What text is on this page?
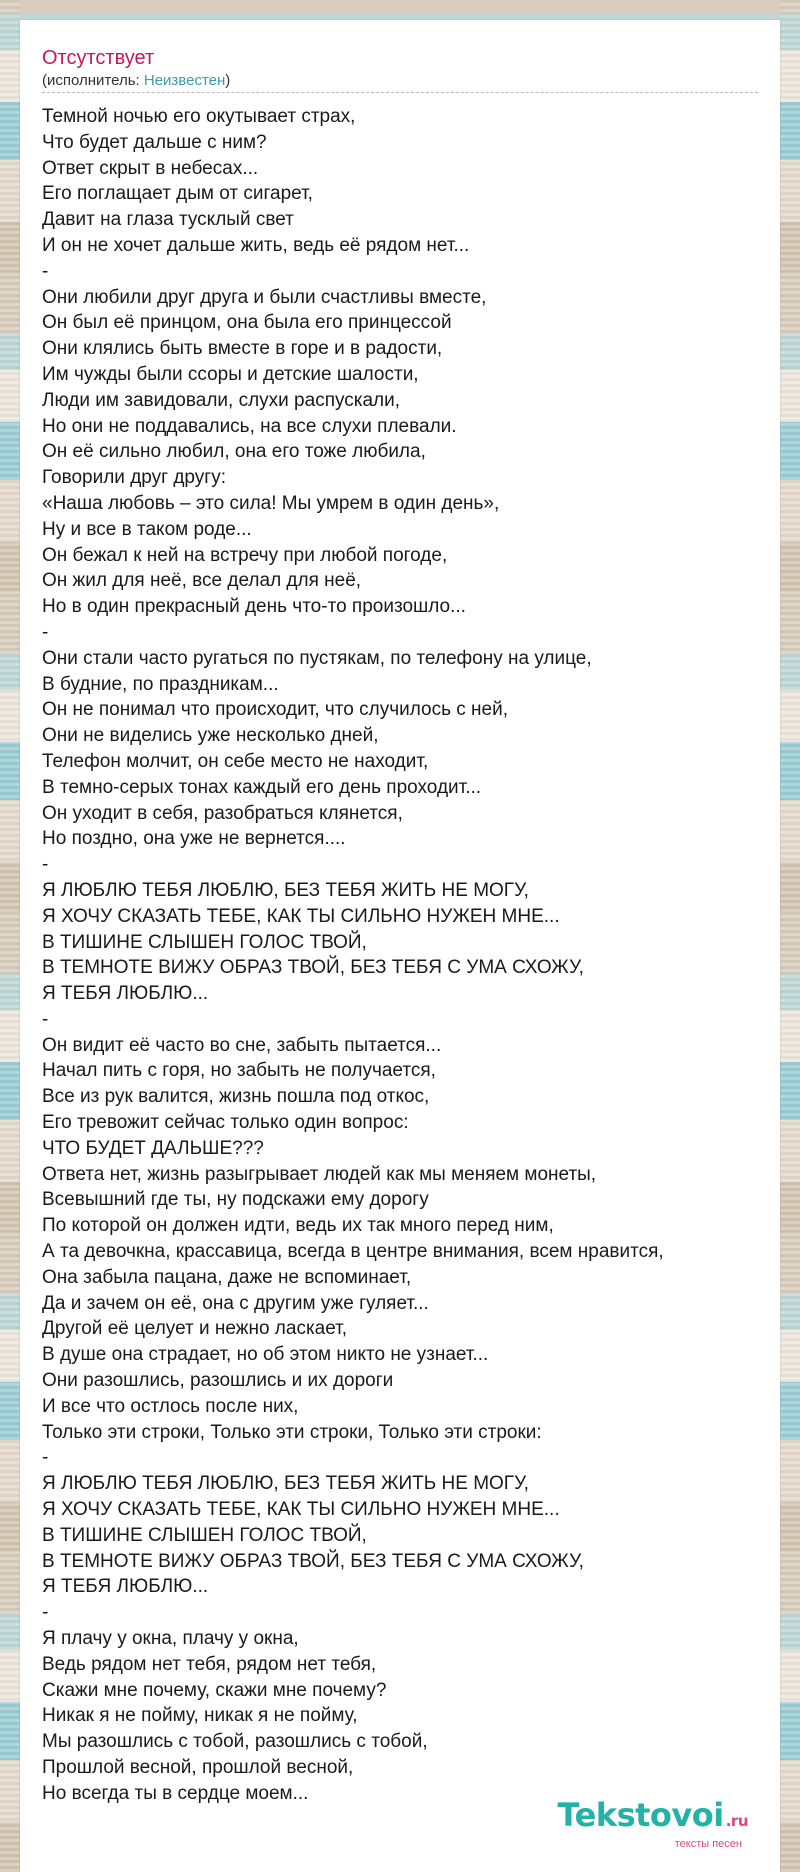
Отсутствует
(исполнитель: Неизвестен)
Темной ночью его окутывает страх,
Что будет дальше с ним?
Ответ скрыт в небесах...
Его поглащает дым от сигарет,
Давит на глаза тусклый свет
И он не хочет дальше жить, ведь её рядом нет...
-
Они любили друг друга и были счастливы вместе,
Он был её принцом, она была его принцессой
Они клялись быть вместе в горе и в радости,
Им чужды были ссоры и детские шалости,
Люди им завидовали, слухи распускали,
Но они не поддавались, на все слухи плевали.
Он её сильно любил, она его тоже любила,
Говорили друг другу:
«Наша любовь – это сила! Мы умрем в один день»,
Ну и все в таком роде...
Он бежал к ней на встречу при любой погоде,
Он жил для неё, все делал для неё,
Но в один прекрасный день что-то произошло...
-
Они стали часто ругаться по пустякам, по телефону на улице,
В будние, по праздникам...
Он не понимал что происходит, что случилось с ней,
Они не виделись уже несколько дней,
Телефон молчит, он себе место не находит,
В темно-серых тонах каждый его день проходит...
Он уходит в себя, разобраться клянется,
Но поздно, она уже не вернется....
-
Я ЛЮБЛЮ ТЕБЯ ЛЮБЛЮ, БЕЗ ТЕБЯ ЖИТЬ НЕ МОГУ,
Я ХОЧУ СКАЗАТЬ ТЕБЕ, КАК ТЫ СИЛЬНО НУЖЕН МНЕ...
В ТИШИНЕ СЛЫШЕН ГОЛОС ТВОЙ,
В ТЕМНОТЕ ВИЖУ ОБРАЗ ТВОЙ, БЕЗ ТЕБЯ С УМА СХОЖУ,
Я ТЕБЯ ЛЮБЛЮ...
-
Он видит её часто во сне, забыть пытается...
Начал пить с горя, но забыть не получается,
Все из рук валится, жизнь пошла под откос,
Его тревожит сейчас только один вопрос:
ЧТО БУДЕТ ДАЛЬШЕ???
Ответа нет, жизнь разыгрывает людей как мы меняем монеты,
Всевышний где ты, ну подскажи ему дорогу
По которой он должен идти, ведь их так много перед ним,
А та девочкна, крассавица, всегда в центре внимания, всем нравится,
Она забыла пацана, даже не вспоминает,
Да и зачем он её, она с другим уже гуляет...
Другой её целует и нежно ласкает,
В душе она страдает, но об этом никто не узнает...
Они разошлись, разошлись и их дороги
И все что остлось после них,
Только эти строки, Только эти строки, Только эти строки:
-
Я ЛЮБЛЮ ТЕБЯ ЛЮБЛЮ, БЕЗ ТЕБЯ ЖИТЬ НЕ МОГУ,
Я ХОЧУ СКАЗАТЬ ТЕБЕ, КАК ТЫ СИЛЬНО НУЖЕН МНЕ...
В ТИШИНЕ СЛЫШЕН ГОЛОС ТВОЙ,
В ТЕМНОТЕ ВИЖУ ОБРАЗ ТВОЙ, БЕЗ ТЕБЯ С УМА СХОЖУ,
Я ТЕБЯ ЛЮБЛЮ...
-
Я плачу у окна, плачу у окна,
Ведь рядом нет тебя, рядом нет тебя,
Скажи мне почему, скажи мне почему?
Никак я не пойму, никак я не пойму,
Мы разошлись с тобой, разошлись с тобой,
Прошлой весной, прошлой весной,
Но всегда ты в сердце моем...
Tekstovoi .ru
тексты песен
